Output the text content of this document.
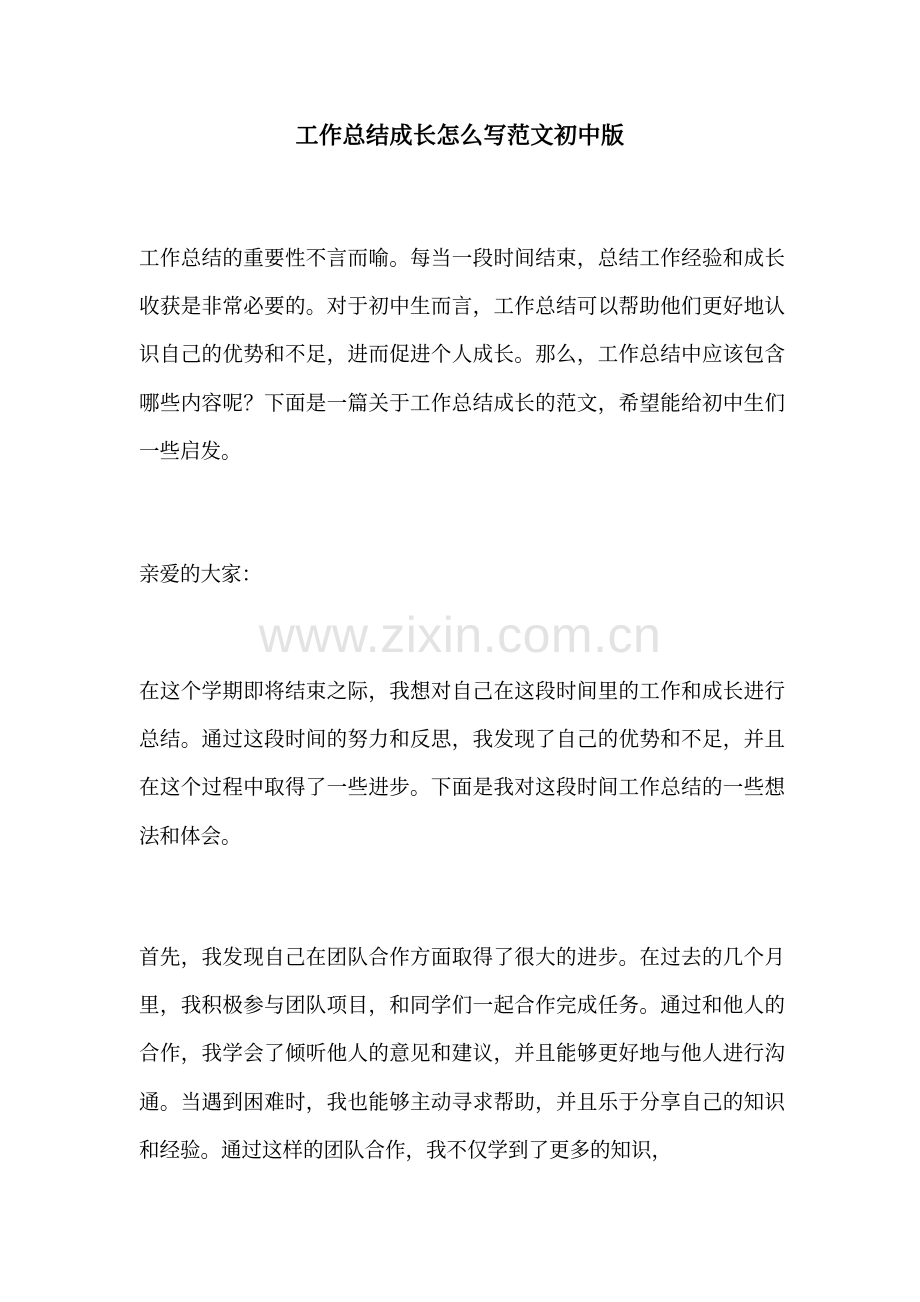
工作总结成长怎么写范文初中版
工作总结的重要性不言而喻。每当一段时间结束，总结工作经验和成长收获是非常必要的。对于初中生而言，工作总结可以帮助他们更好地认识自己的优势和不足，进而促进个人成长。那么，工作总结中应该包含哪些内容呢？下面是一篇关于工作总结成长的范文，希望能给初中生们一些启发。
亲爱的大家：
www.zixin.com.cn
在这个学期即将结束之际，我想对自己在这段时间里的工作和成长进行总结。通过这段时间的努力和反思，我发现了自己的优势和不足，并且在这个过程中取得了一些进步。下面是我对这段时间工作总结的一些想法和体会。
首先，我发现自己在团队合作方面取得了很大的进步。在过去的几个月里，我积极参与团队项目，和同学们一起合作完成任务。通过和他人的合作，我学会了倾听他人的意见和建议，并且能够更好地与他人进行沟通。当遇到困难时，我也能够主动寻求帮助，并且乐于分享自己的知识和经验。通过这样的团队合作，我不仅学到了更多的知识，
